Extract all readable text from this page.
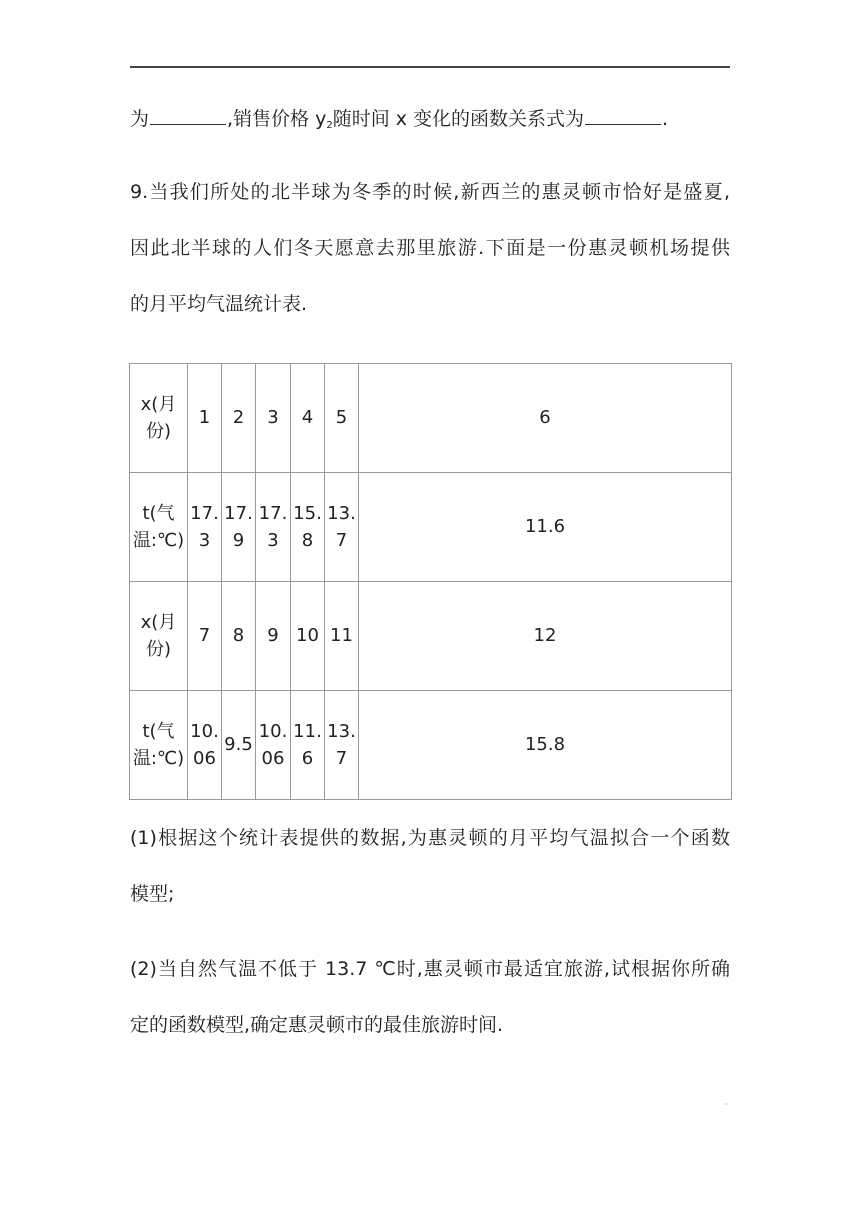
为	,销售价格 $y_2$随时间 x 变化的函数关系式为	.
9.当我们所处的北半球为冬季的时候,新西兰的惠灵顿市恰好是盛夏,
因此北半球的人们冬天愿意去那里旅游.下面是一份惠灵顿机场提供
的月平均气温统计表.
x(月
份)	1	2	3	4	5	6

t(气
温:℃)	17.
3	17.
9	17.
3	15.
8	13.
7	11.6

x(月
份)	7	8	9	10	11	12

t(气
温:℃)	10.
06	9.5	10.
06	11.
6	13.
7	15.8
(1)根据这个统计表提供的数据,为惠灵顿的月平均气温拟合一个函数
模型;
(2)当自然气温不低于 13.7 ℃时,惠灵顿市最适宜旅游,试根据你所确
定的函数模型,确定惠灵顿市的最佳旅游时间.
··
